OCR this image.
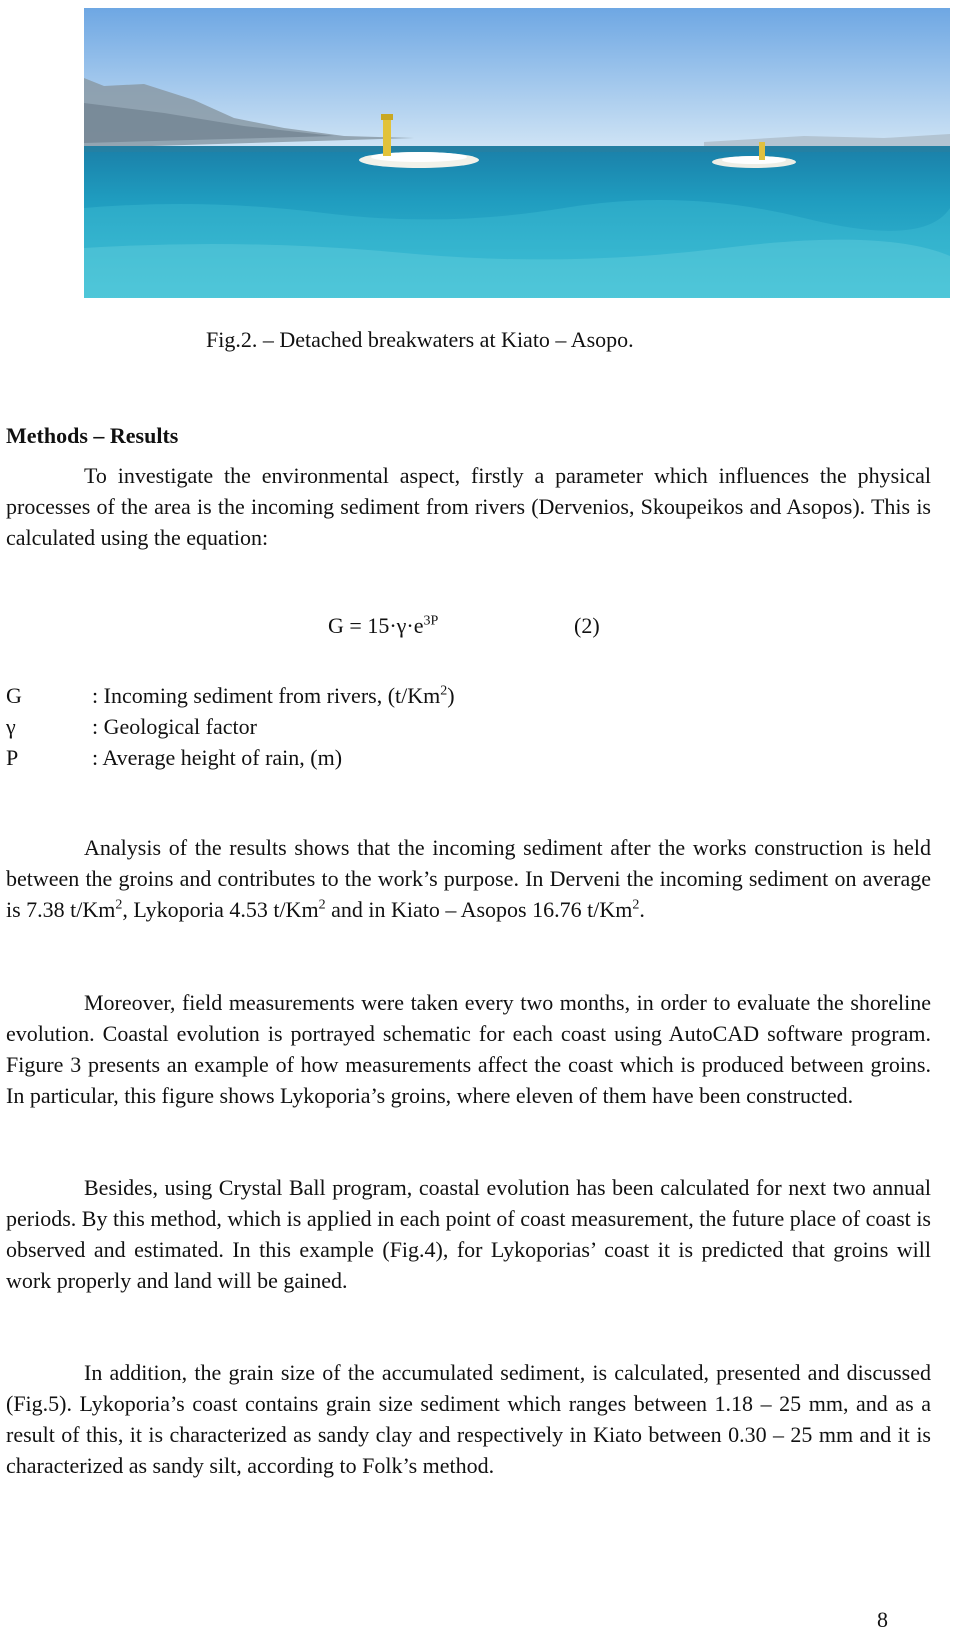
Fig.2. – Detached breakwaters at Kiato – Asopo.
Methods – Results
To investigate the environmental aspect, firstly a parameter which influences the physical processes of the area is the incoming sediment from rivers (Dervenios, Skoupeikos and Asopos). This is calculated using the equation:
$G = 15\cdot\gamma\cdot e^{3P}$	(2)
G	: Incoming sediment from rivers, (t/Km$^2$)
γ	: Geological factor
P	: Average height of rain, (m)
Analysis of the results shows that the incoming sediment after the works construction is held between the groins and contributes to the work’s purpose. In Derveni the incoming sediment on average is 7.38 t/Km$^2$, Lykoporia 4.53 t/Km$^2$ and in Kiato – Asopos 16.76 t/Km$^2$.
Moreover, field measurements were taken every two months, in order to evaluate the shoreline evolution. Coastal evolution is portrayed schematic for each coast using AutoCAD software program. Figure 3 presents an example of how measurements affect the coast which is produced between groins. In particular, this figure shows Lykoporia’s groins, where eleven of them have been constructed.
Besides, using Crystal Ball program, coastal evolution has been calculated for next two annual periods. By this method, which is applied in each point of coast measurement, the future place of coast is observed and estimated. In this example (Fig.4), for Lykoporias’ coast it is predicted that groins will work properly and land will be gained.
In addition, the grain size of the accumulated sediment, is calculated, presented and discussed (Fig.5). Lykoporia’s coast contains grain size sediment which ranges between 1.18 – 25 mm, and as a result of this, it is characterized as sandy clay and respectively in Kiato between 0.30 – 25 mm and it is characterized as sandy silt, according to Folk’s method.
8
